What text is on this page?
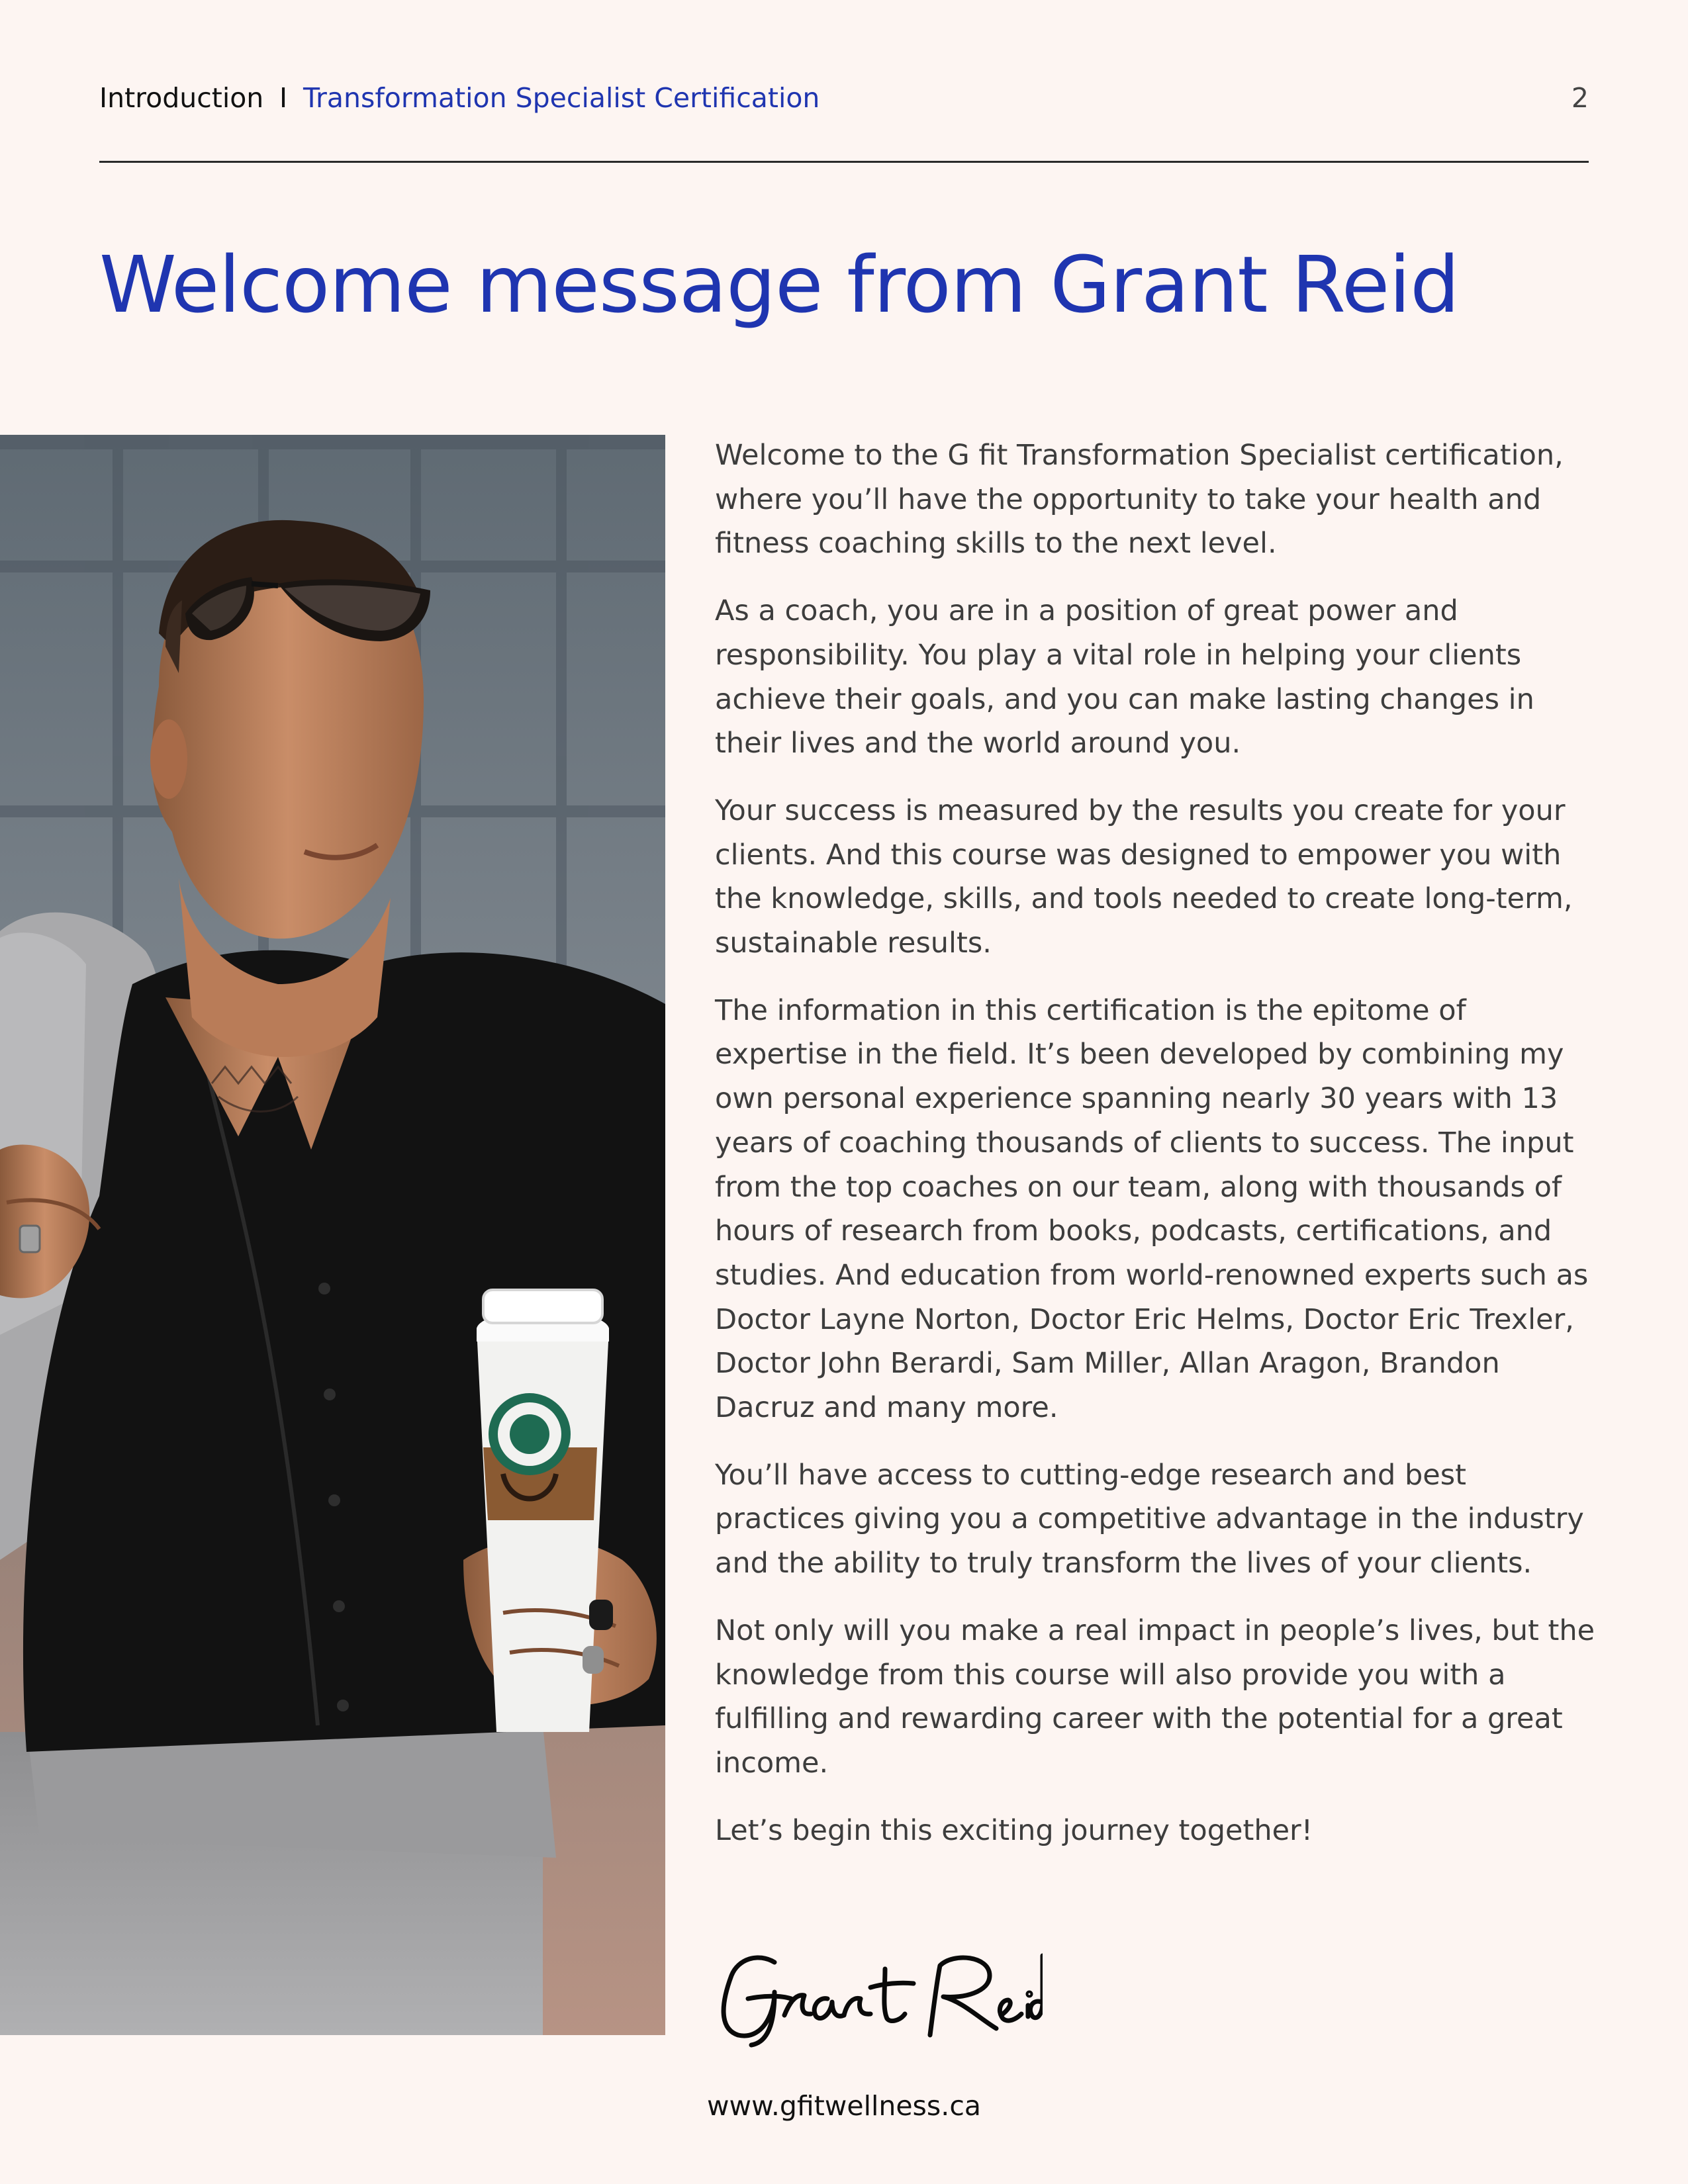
Introduction I Transformation Specialist Certification	2
Welcome message from Grant Reid

Welcome to the G fit Transformation Specialist certification, where you’ll have the opportunity to take your health and fitness coaching skills to the next level.

As a coach, you are in a position of great power and responsibility. You play a vital role in helping your clients achieve their goals, and you can make lasting changes in their lives and the world around you.

Your success is measured by the results you create for your clients. And this course was designed to empower you with the knowledge, skills, and tools needed to create long-term, sustainable results.

The information in this certification is the epitome of expertise in the field. It’s been developed by combining my own personal experience spanning nearly 30 years with 13 years of coaching thousands of clients to success. The input from the top coaches on our team, along with thousands of hours of research from books, podcasts, certifications, and studies. And education from world-renowned experts such as Doctor Layne Norton, Doctor Eric Helms, Doctor Eric Trexler, Doctor John Berardi, Sam Miller, Allan Aragon, Brandon Dacruz and many more.

You’ll have access to cutting-edge research and best practices giving you a competitive advantage in the industry and the ability to truly transform the lives of your clients.

Not only will you make a real impact in people’s lives, but the knowledge from this course will also provide you with a fulfilling and rewarding career with the potential for a great income.

Let’s begin this exciting journey together!

www.gfitwellness.ca
